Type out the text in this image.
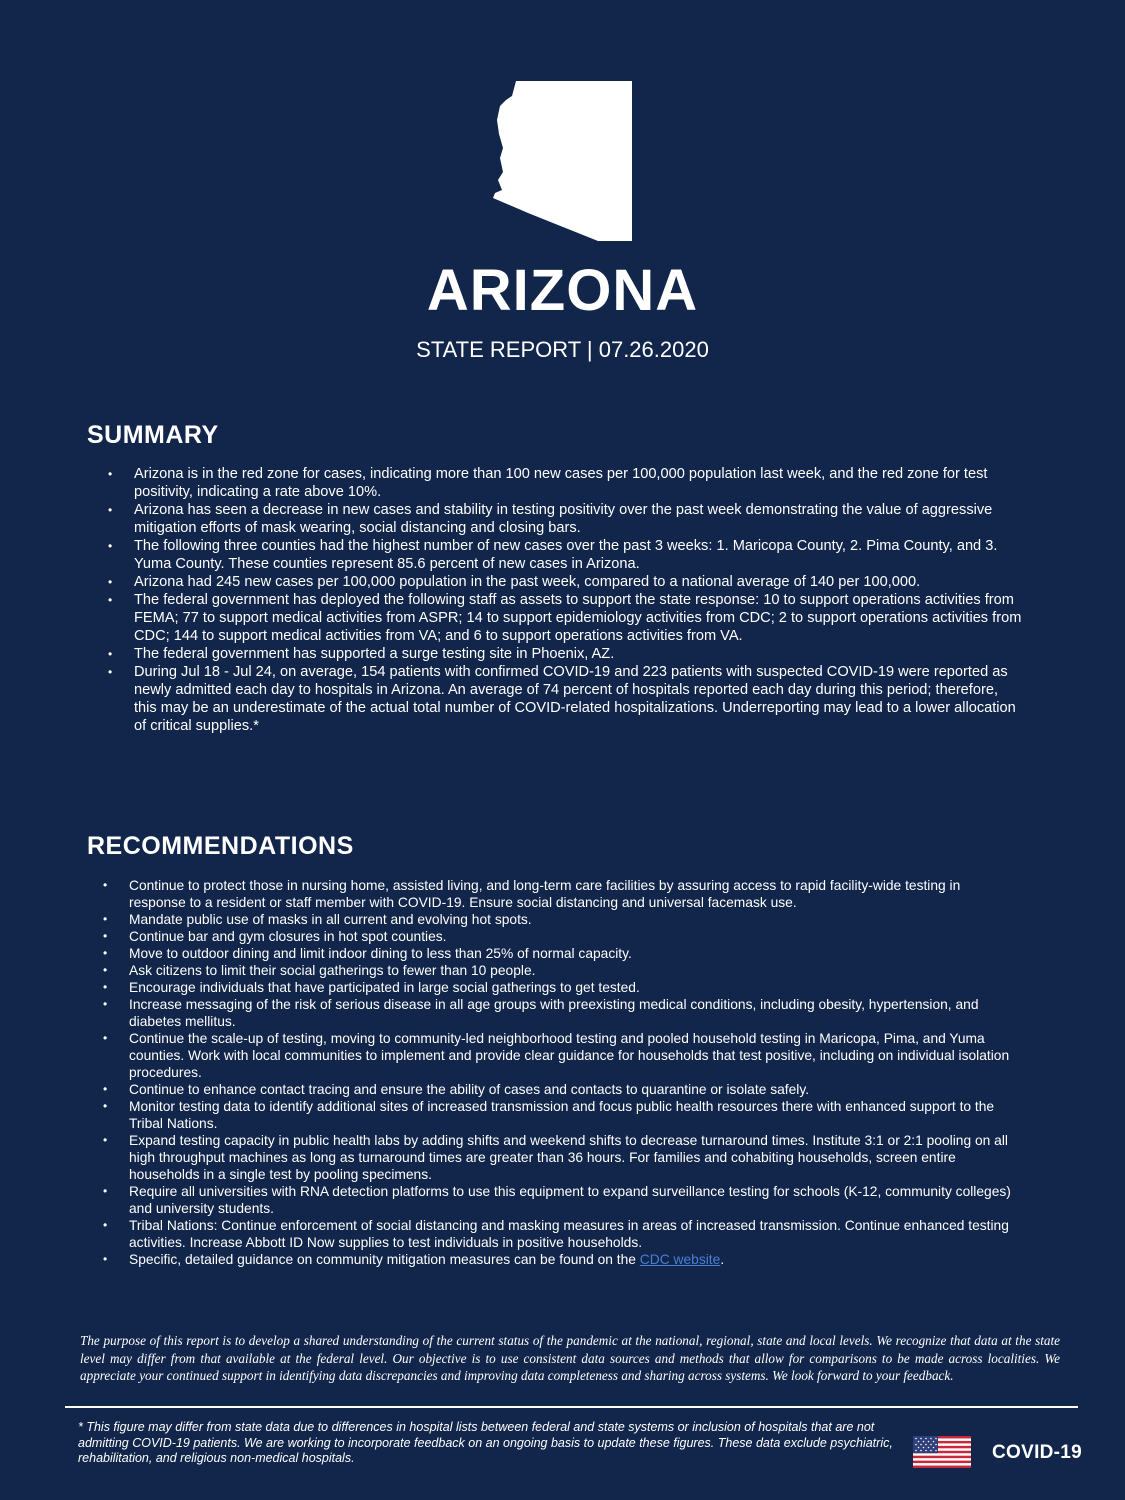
ARIZONA
STATE REPORT | 07.26.2020
SUMMARY
• Arizona is in the red zone for cases, indicating more than 100 new cases per 100,000 population last week, and the red zone for test positivity, indicating a rate above 10%.
• Arizona has seen a decrease in new cases and stability in testing positivity over the past week demonstrating the value of aggressive mitigation efforts of mask wearing, social distancing and closing bars.
• The following three counties had the highest number of new cases over the past 3 weeks: 1. Maricopa County, 2. Pima County, and 3. Yuma County. These counties represent 85.6 percent of new cases in Arizona.
• Arizona had 245 new cases per 100,000 population in the past week, compared to a national average of 140 per 100,000.
• The federal government has deployed the following staff as assets to support the state response: 10 to support operations activities from FEMA; 77 to support medical activities from ASPR; 14 to support epidemiology activities from CDC; 2 to support operations activities from CDC; 144 to support medical activities from VA; and 6 to support operations activities from VA.
• The federal government has supported a surge testing site in Phoenix, AZ.
• During Jul 18 - Jul 24, on average, 154 patients with confirmed COVID-19 and 223 patients with suspected COVID-19 were reported as newly admitted each day to hospitals in Arizona. An average of 74 percent of hospitals reported each day during this period; therefore, this may be an underestimate of the actual total number of COVID-related hospitalizations. Underreporting may lead to a lower allocation of critical supplies.*
RECOMMENDATIONS
• Continue to protect those in nursing home, assisted living, and long-term care facilities by assuring access to rapid facility-wide testing in response to a resident or staff member with COVID-19. Ensure social distancing and universal facemask use.
• Mandate public use of masks in all current and evolving hot spots.
• Continue bar and gym closures in hot spot counties.
• Move to outdoor dining and limit indoor dining to less than 25% of normal capacity.
• Ask citizens to limit their social gatherings to fewer than 10 people.
• Encourage individuals that have participated in large social gatherings to get tested.
• Increase messaging of the risk of serious disease in all age groups with preexisting medical conditions, including obesity, hypertension, and diabetes mellitus.
• Continue the scale-up of testing, moving to community-led neighborhood testing and pooled household testing in Maricopa, Pima, and Yuma counties. Work with local communities to implement and provide clear guidance for households that test positive, including on individual isolation procedures.
• Continue to enhance contact tracing and ensure the ability of cases and contacts to quarantine or isolate safely.
• Monitor testing data to identify additional sites of increased transmission and focus public health resources there with enhanced support to the Tribal Nations.
• Expand testing capacity in public health labs by adding shifts and weekend shifts to decrease turnaround times. Institute 3:1 or 2:1 pooling on all high throughput machines as long as turnaround times are greater than 36 hours. For families and cohabiting households, screen entire households in a single test by pooling specimens.
• Require all universities with RNA detection platforms to use this equipment to expand surveillance testing for schools (K-12, community colleges) and university students.
• Tribal Nations: Continue enforcement of social distancing and masking measures in areas of increased transmission. Continue enhanced testing activities. Increase Abbott ID Now supplies to test individuals in positive households.
• Specific, detailed guidance on community mitigation measures can be found on the CDC website.
The purpose of this report is to develop a shared understanding of the current status of the pandemic at the national, regional, state and local levels. We recognize that data at the state level may differ from that available at the federal level. Our objective is to use consistent data sources and methods that allow for comparisons to be made across localities. We appreciate your continued support in identifying data discrepancies and improving data completeness and sharing across systems. We look forward to your feedback.
* This figure may differ from state data due to differences in hospital lists between federal and state systems or inclusion of hospitals that are not admitting COVID-19 patients. We are working to incorporate feedback on an ongoing basis to update these figures. These data exclude psychiatric, rehabilitation, and religious non-medical hospitals.	COVID-19
